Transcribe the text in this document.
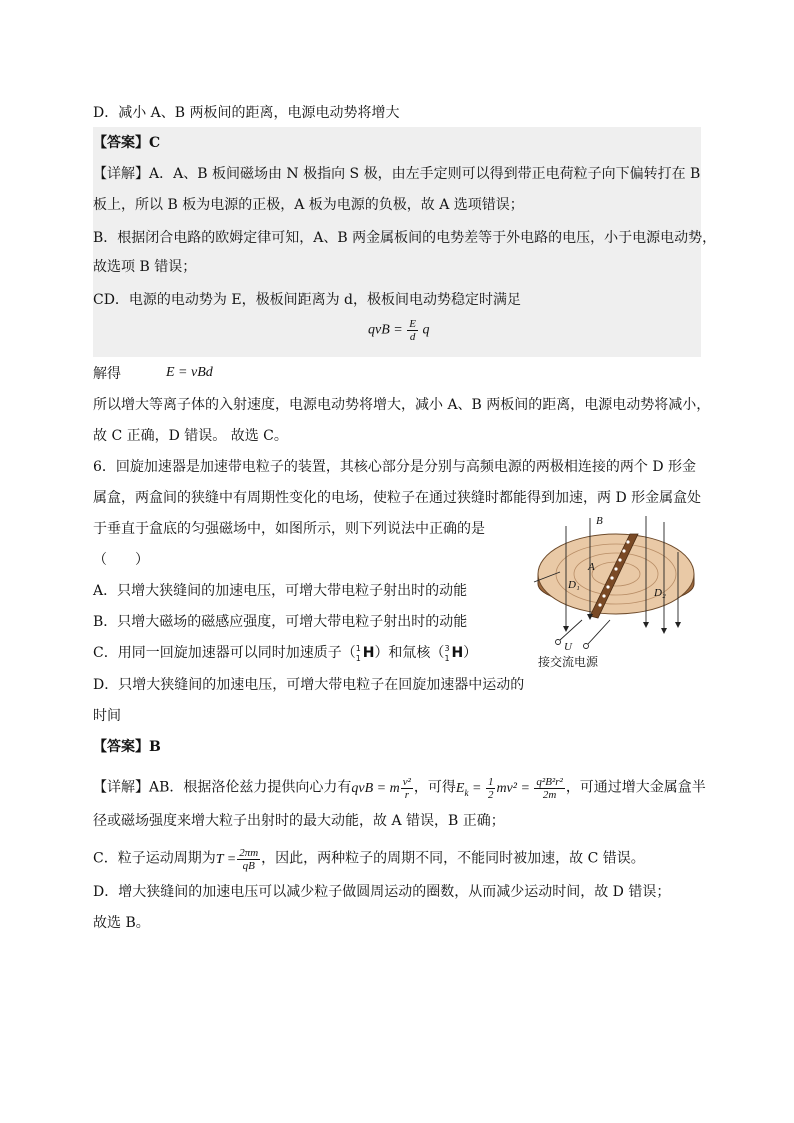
D．减小 A、B 两板间的距离，电源电动势将增大
【答案】C
【详解】A．A、B 板间磁场由 N 极指向 S 极，由左手定则可以得到带正电荷粒子向下偏转打在 B
板上，所以 B 板为电源的正极，A 板为电源的负极，故 A 选项错误；
B．根据闭合电路的欧姆定律可知，A、B 两金属板间的电势差等于外电路的电压，小于电源电动势，
故选项 B 错误；
CD．电源的电动势为 E，极板间距离为 d，极板间电动势稳定时满足
qvB = $\frac{E}{d}$ q
解得	E = vBd
所以增大等离子体的入射速度，电源电动势将增大，减小 A、B 两板间的距离，电源电动势将减小，
故 C 正确，D 错误。 故选 C。
6．回旋加速器是加速带电粒子的装置，其核心部分是分别与高频电源的两极相连接的两个 D 形金
属盒，两盒间的狭缝中有周期性变化的电场，使粒子在通过狭缝时都能得到加速，两 D 形金属盒处
于垂直于盒底的匀强磁场中，如图所示，则下列说法中正确的是
（　　）
A．只增大狭缝间的加速电压，可增大带电粒子射出时的动能
B．只增大磁场的磁感应强度，可增大带电粒子射出时的动能
C．用同一回旋加速器可以同时加速质子（ 1
1 H）和氚核（ 3
1 H）
D．只增大狭缝间的加速电压，可增大带电粒子在回旋加速器中运动的
时间
B
A
D₁
D₂
U
接交流电源
【答案】B
【详解】AB．根据洛伦兹力提供向心力有qvB = m $\frac{\text{v²}}{r}$ ，可得$E_k = \frac{1}{2} mv^2 = \frac{\text{q²B²r²}}{2m}$ ，可通过增大金属盒半
径或磁场强度来增大粒子出射时的最大动能，故 A 错误，B 正确；
C．粒子运动周期为$T = \frac{2\pi m}{qB}$ ，因此，两种粒子的周期不同，不能同时被加速，故 C 错误。
D．增大狭缝间的加速电压可以减少粒子做圆周运动的圈数，从而减少运动时间，故 D 错误；
故选 B。
